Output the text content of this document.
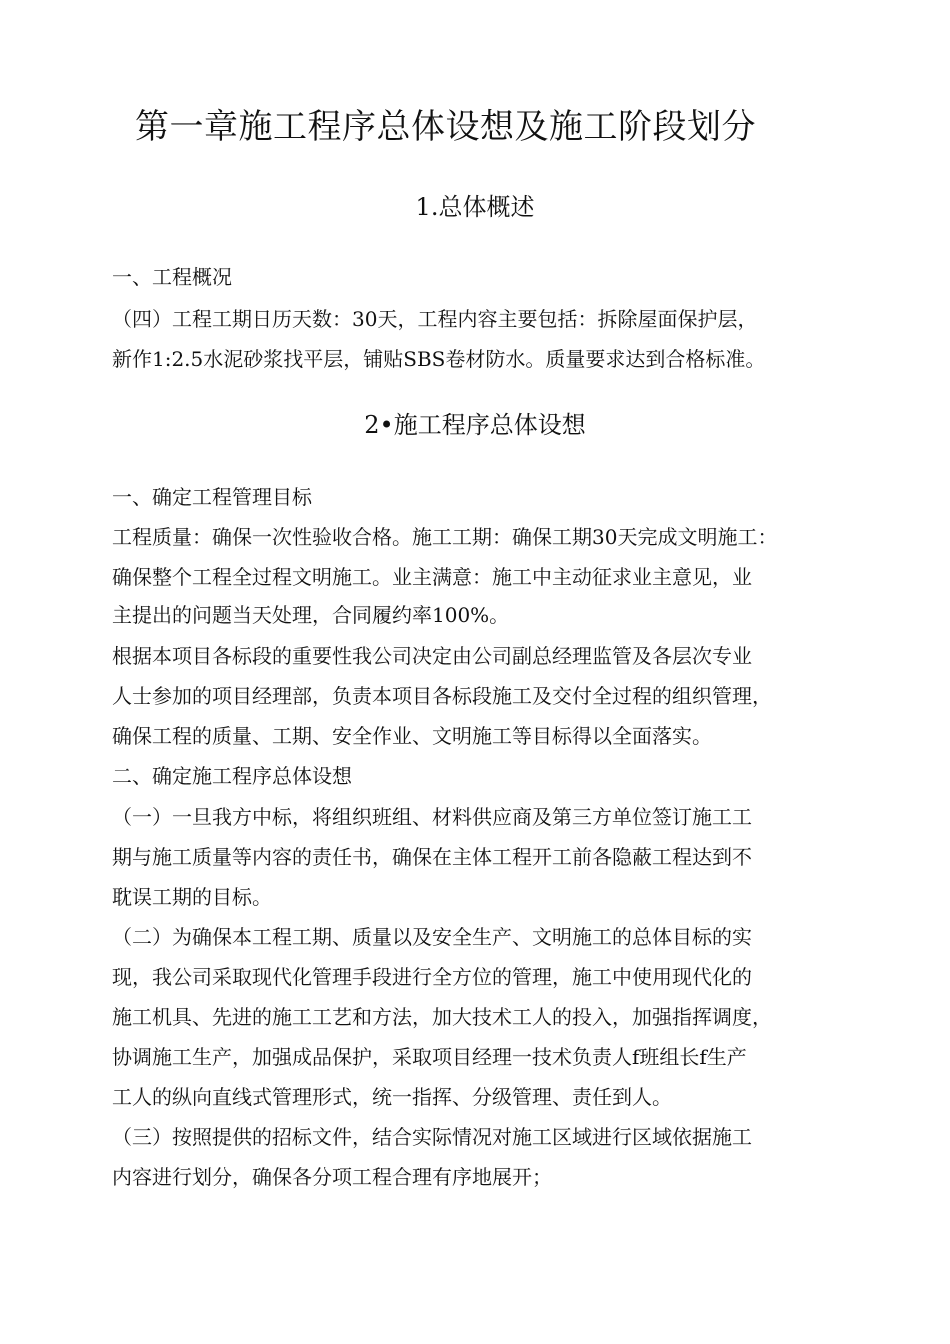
第一章施工程序总体设想及施工阶段划分
1.总体概述
一、工程概况
（四）工程工期日历天数：30天，工程内容主要包括：拆除屋面保护层，
新作1:2.5水泥砂浆找平层，铺贴SBS卷材防水。质量要求达到合格标准。
2•施工程序总体设想
一、确定工程管理目标
工程质量：确保一次性验收合格。施工工期：确保工期30天完成文明施工：
确保整个工程全过程文明施工。业主满意：施工中主动征求业主意见，业
主提出的问题当天处理，合同履约率100%。
根据本项目各标段的重要性我公司决定由公司副总经理监管及各层次专业
人士参加的项目经理部，负责本项目各标段施工及交付全过程的组织管理，
确保工程的质量、工期、安全作业、文明施工等目标得以全面落实。
二、确定施工程序总体设想
（一）一旦我方中标，将组织班组、材料供应商及第三方单位签订施工工
期与施工质量等内容的责任书，确保在主体工程开工前各隐蔽工程达到不
耽误工期的目标。
（二）为确保本工程工期、质量以及安全生产、文明施工的总体目标的实
现，我公司采取现代化管理手段进行全方位的管理，施工中使用现代化的
施工机具、先进的施工工艺和方法，加大技术工人的投入，加强指挥调度，
协调施工生产，加强成品保护，采取项目经理一技术负责人f班组长f生产
工人的纵向直线式管理形式，统一指挥、分级管理、责任到人。
（三）按照提供的招标文件，结合实际情况对施工区域进行区域依据施工
内容进行划分，确保各分项工程合理有序地展开；
